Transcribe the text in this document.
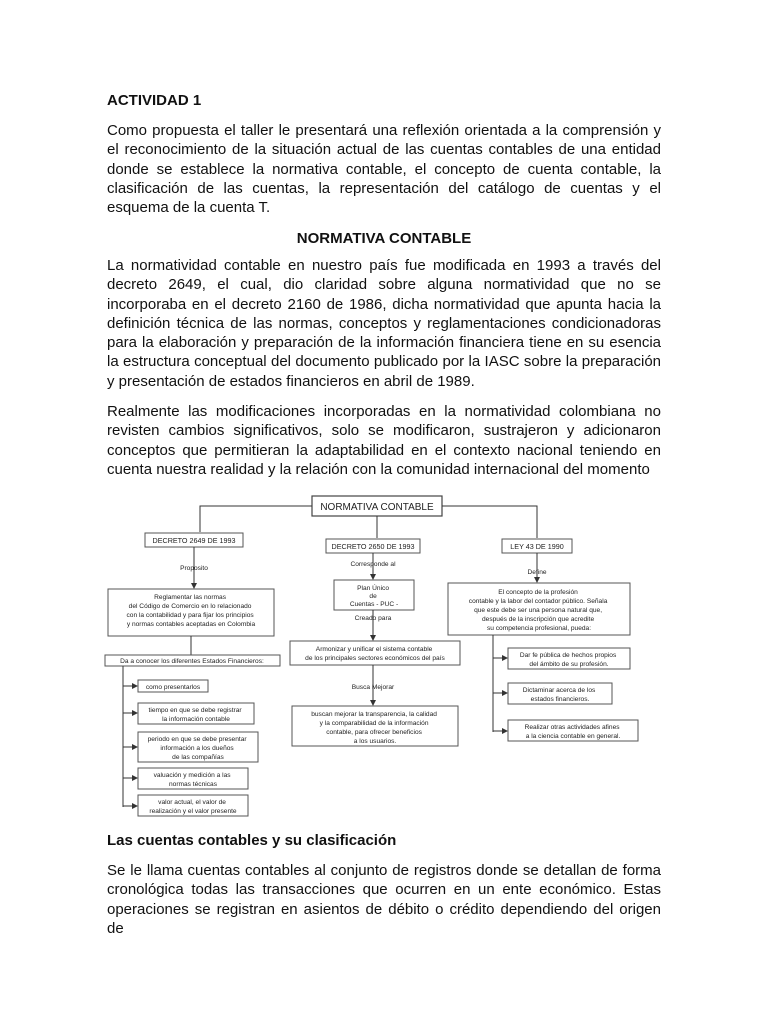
ACTIVIDAD 1
Como propuesta el taller le presentará una reflexión orientada a la comprensión y el reconocimiento de la situación actual de las cuentas contables de una entidad donde se establece la normativa contable, el concepto de cuenta contable, la clasificación de las cuentas, la representación del catálogo de cuentas y el esquema de la cuenta T.
NORMATIVA CONTABLE
La normatividad contable en nuestro país fue modificada en 1993 a través del decreto 2649, el cual, dio claridad sobre alguna normatividad que no se incorporaba en el decreto 2160 de 1986, dicha normatividad que apunta hacia la definición técnica de las normas, conceptos y reglamentaciones condicionadoras para la elaboración y preparación de la información financiera tiene en su esencia la estructura conceptual del documento publicado por la IASC sobre la preparación y presentación de estados financieros en abril de 1989.
Realmente las modificaciones incorporadas en la normatividad colombiana no revisten cambios significativos, solo se modificaron, sustrajeron y adicionaron conceptos que permitieran la adaptabilidad en el contexto nacional teniendo en cuenta nuestra realidad y la relación con la comunidad internacional del momento
NORMATIVA CONTABLE
DECRETO 2649 DE 1993
Proposito
Reglamentar las normas del Código de Comercio en lo relacionado con la contabilidad y para fijar los principios y normas contables aceptadas en Colombia
Da a conocer los diferentes Estados Financieros:
como presentarlos
tiempo en que se debe registrar la información contable
periodo en que se debe presentar información a los dueños de las compañías
valuación y medición a las normas técnicas
valor actual, el valor de realización y el valor presente
DECRETO 2650 DE 1993
Corresponde al
Plan Único de Cuentas - PUC -
Creado para
Armonizar y unificar el sistema contable de los principales sectores económicos del país
Busca Mejorar
buscan mejorar la transparencia, la calidad y la comparabilidad de la información contable, para ofrecer beneficios a los usuarios.
LEY 43 DE 1990
Define
El concepto de la profesión contable y la labor del contador público. Señala que este debe ser una persona natural que, después de la inscripción que acredite su competencia profesional, pueda:
Dar fe pública de hechos propios del ámbito de su profesión.
Dictaminar acerca de los estados financieros.
Realizar otras actividades afines a la ciencia contable en general.
Las cuentas contables y su clasificación
Se le llama cuentas contables al conjunto de registros donde se detallan de forma cronológica todas las transacciones que ocurren en un ente económico. Estas operaciones se registran en asientos de débito o crédito dependiendo del origen de
